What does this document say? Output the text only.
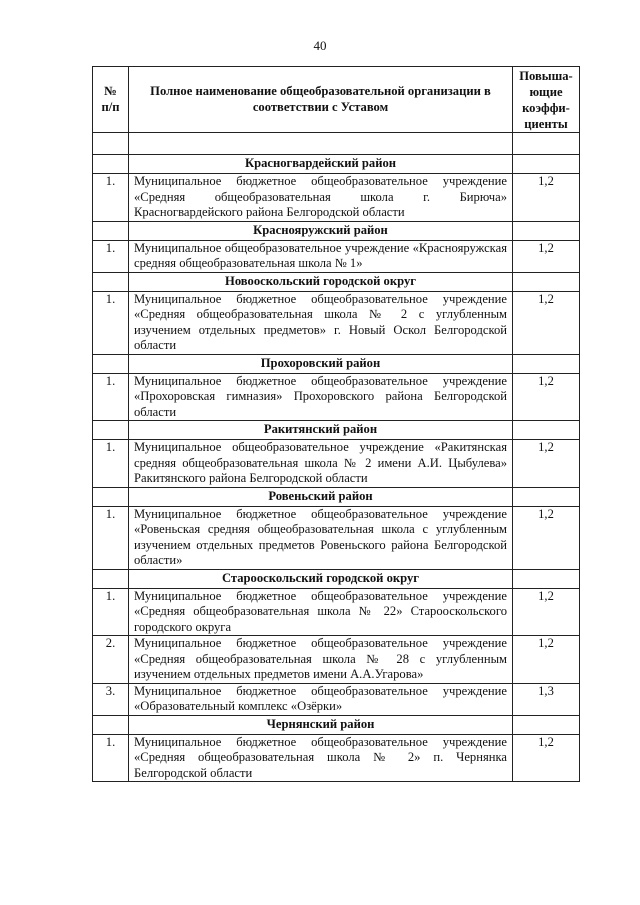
40
№ п/п	Полное наименование общеобразовательной организации в соответствии с Уставом	Повыша-ющие коэффи-циенты

	Красногвардейский район	
1.	Муниципальное бюджетное общеобразовательное учреждение «Средняя общеобразовательная школа г. Бирюча» Красногвардейского района Белгородской области	1,2
	Краснояружский район	
1.	Муниципальное общеобразовательное учреждение «Краснояружская средняя общеобразовательная школа № 1»	1,2
	Новооскольский городской округ	
1.	Муниципальное бюджетное общеобразовательное учреждение «Средняя общеобразовательная школа № 2 с углубленным изучением отдельных предметов» г. Новый Оскол Белгородской области	1,2
	Прохоровский район	
1.	Муниципальное бюджетное общеобразовательное учреждение «Прохоровская гимназия» Прохоровского района Белгородской области	1,2
	Ракитянский район	
1.	Муниципальное общеобразовательное учреждение «Ракитянская средняя общеобразовательная школа № 2 имени А.И. Цыбулева» Ракитянского района Белгородской области	1,2
	Ровеньский район	
1.	Муниципальное бюджетное общеобразовательное учреждение «Ровеньская средняя общеобразовательная школа с углубленным изучением отдельных предметов Ровеньского района Белгородской области»	1,2
	Старооскольский городской округ	
1.	Муниципальное бюджетное общеобразовательное учреждение «Средняя общеобразовательная школа № 22» Старооскольского городского округа	1,2
2.	Муниципальное бюджетное общеобразовательное учреждение «Средняя общеобразовательная школа № 28 с углубленным изучением отдельных предметов имени А.А.Угарова»	1,2
3.	Муниципальное бюджетное общеобразовательное учреждение «Образовательный комплекс «Озёрки»	1,3
	Чернянский район	
1.	Муниципальное бюджетное общеобразовательное учреждение «Средняя общеобразовательная школа № 2» п. Чернянка Белгородской области	1,2
